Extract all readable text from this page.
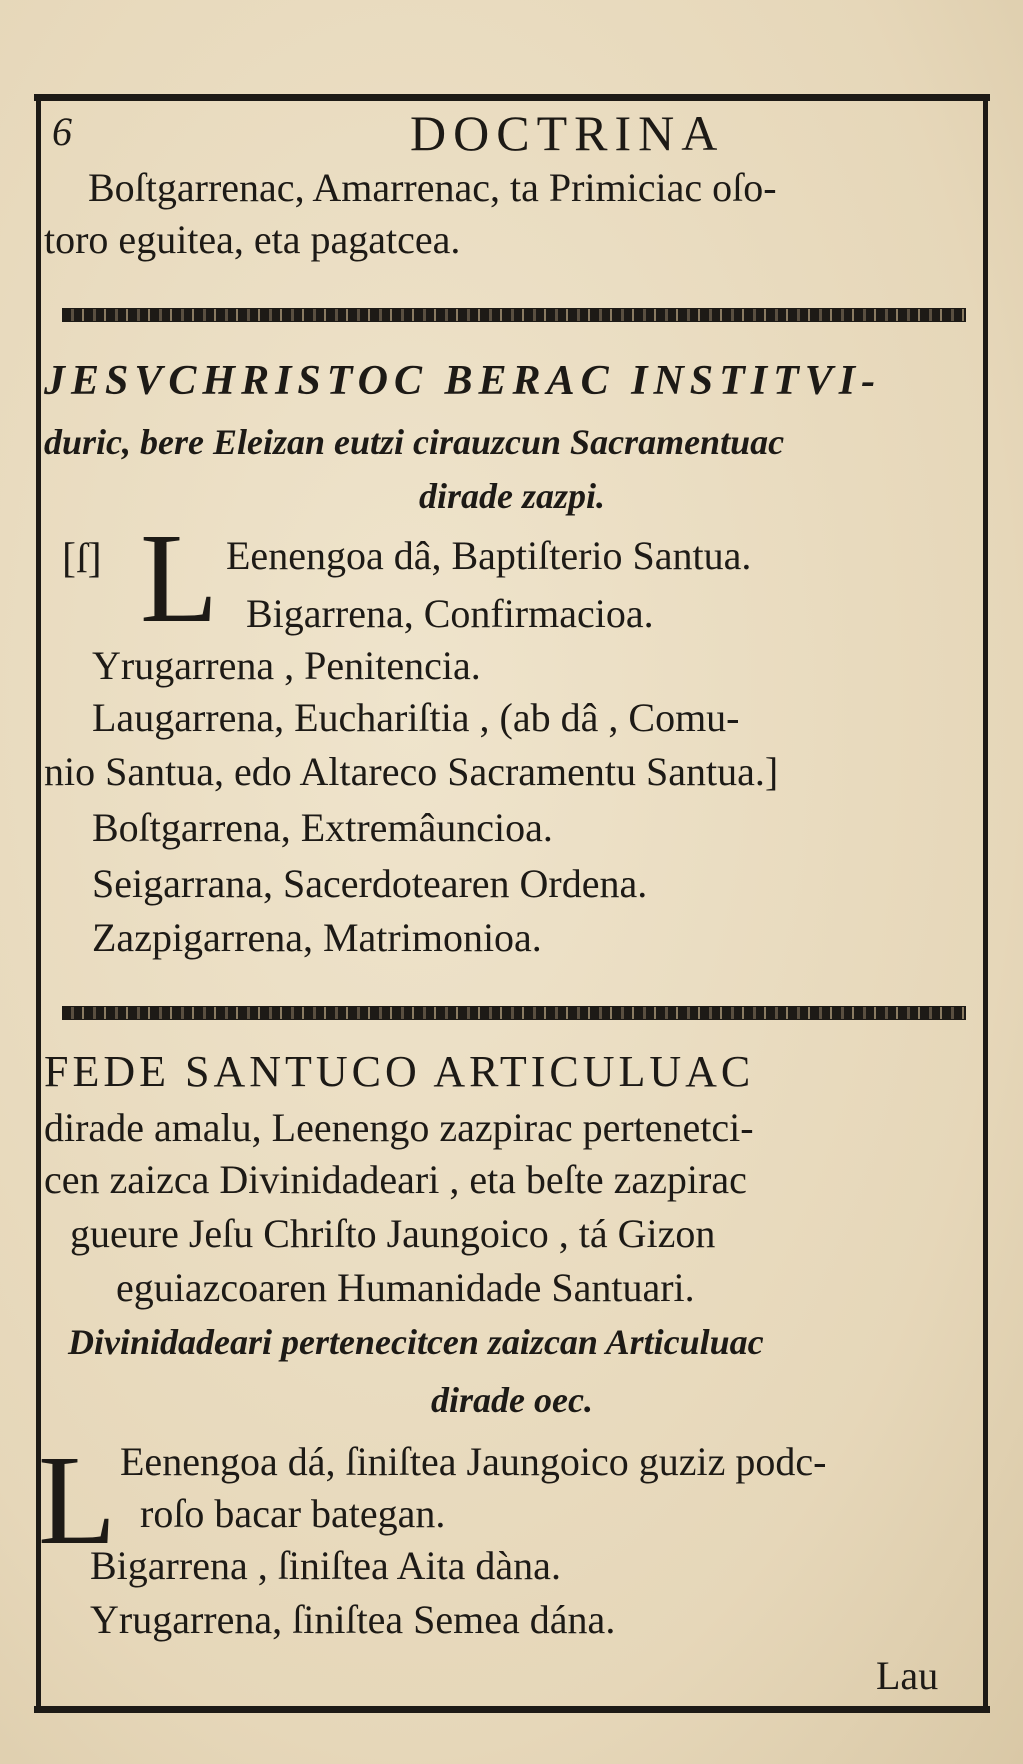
6	DOCTRINA
Boſtgarrenac, Amarrenac, ta Primiciac oſo-
toro eguitea, eta pagatcea.
JESVCHRISTOC BERAC INSTITVI-
duric, bere Eleizan eutzi cirauzcun Sacramentuac
dirade zazpi.
[ſ] L Eenengoa dâ, Baptiſterio Santua.
Bigarrena, Confirmacioa.
Yrugarrena , Penitencia.
Laugarrena, Euchariſtia , (ab dâ , Comu-
nio Santua, edo Altareco Sacramentu Santua.]
Boſtgarrena, Extremâuncioa.
Seigarrana, Sacerdotearen Ordena.
Zazpigarrena, Matrimonioa.
FEDE SANTUCO ARTICULUAC
dirade amalu, Leenengo zazpirac pertenetci-
cen zaizca Divinidadeari , eta beſte zazpirac
gueure Jeſu Chriſto Jaungoico , tá Gizon
eguiazcoaren Humanidade Santuari.
Divinidadeari pertenecitcen zaizcan Articuluac
dirade oec.
L Eenengoa dá, ſiniſtea Jaungoico guziz podc-
roſo bacar bategan.
Bigarrena , ſiniſtea Aita dàna.
Yrugarrena, ſiniſtea Semea dána.
Lau
